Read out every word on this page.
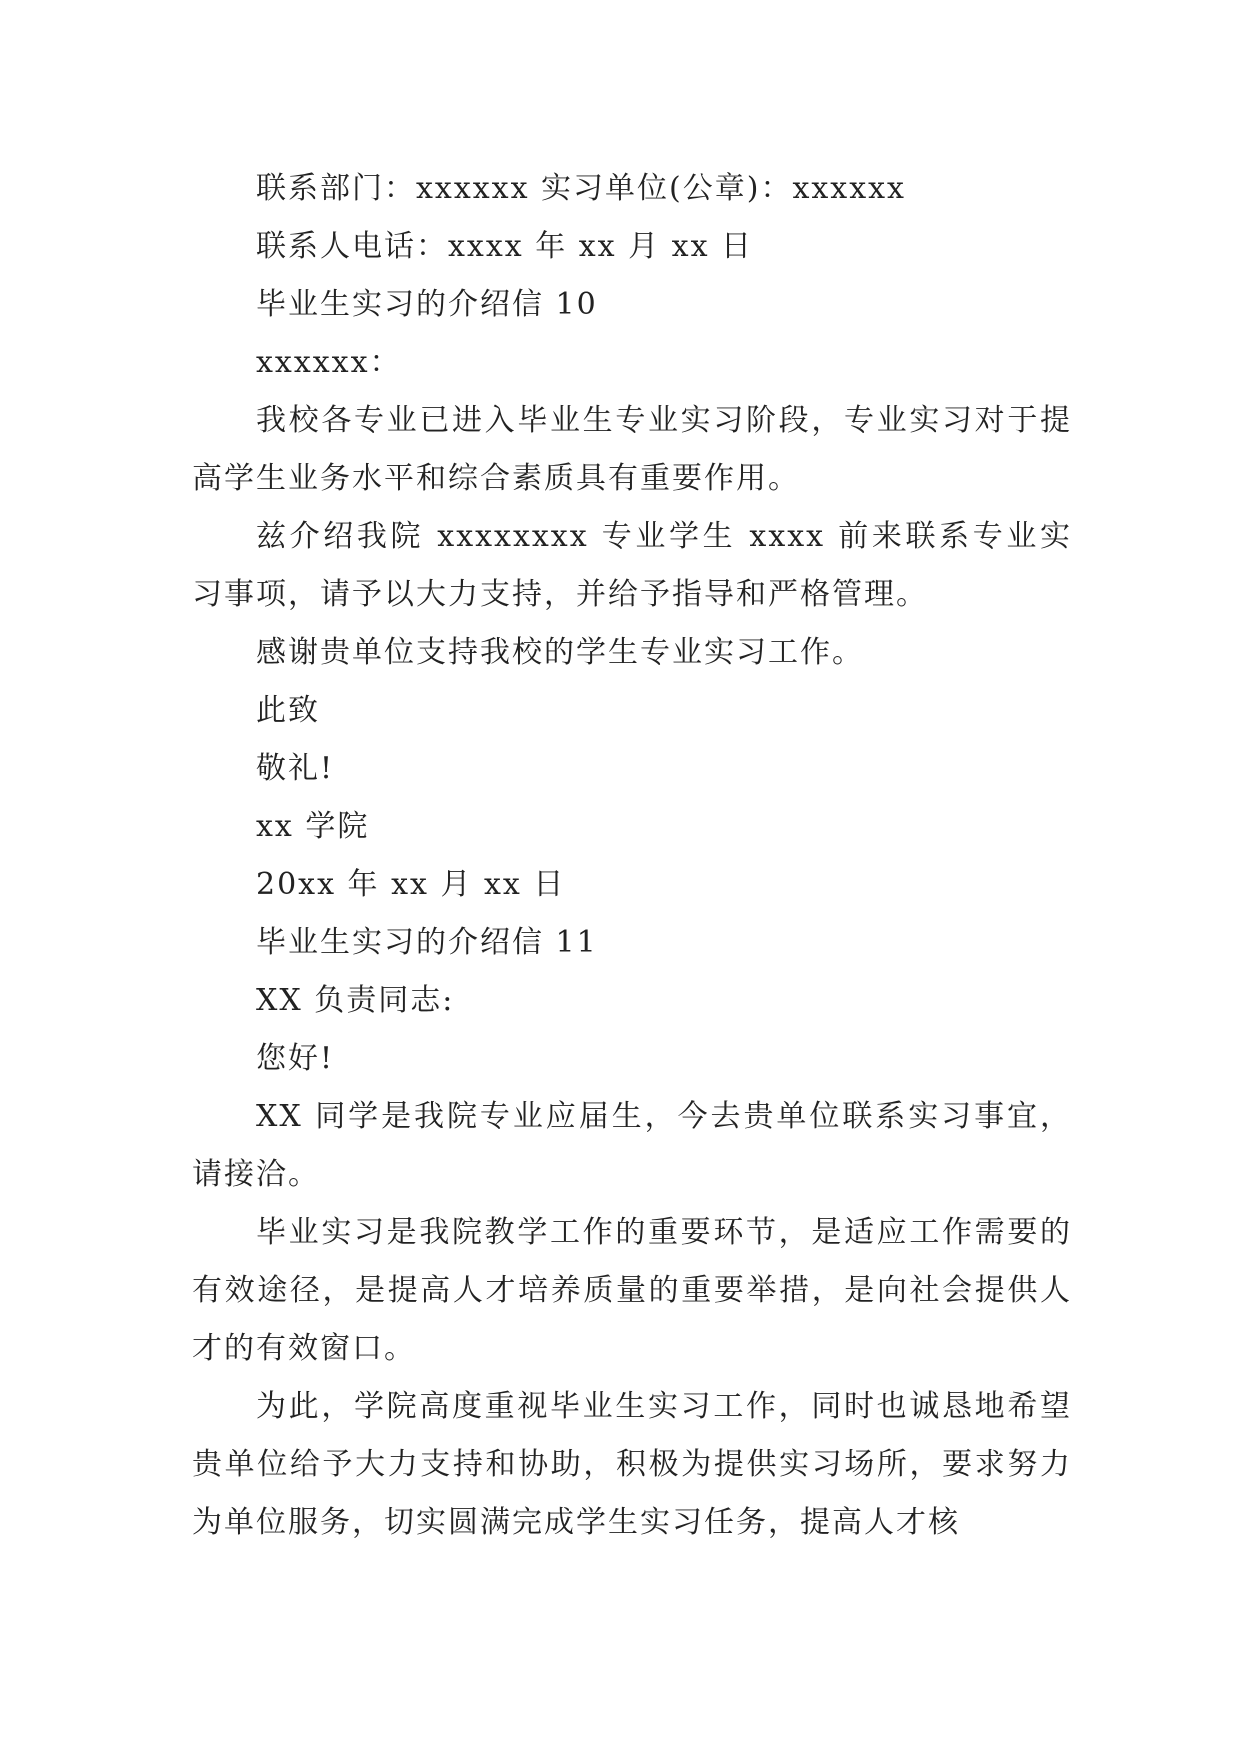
联系部门：xxxxxx 实习单位(公章)：xxxxxx
联系人电话：xxxx 年 xx 月 xx 日
毕业生实习的介绍信 10
xxxxxx：

我校各专业已进入毕业生专业实习阶段，专业实习对于提高学生业务水平和综合素质具有重要作用。

兹介绍我院 xxxxxxxx 专业学生 xxxx 前来联系专业实习事项，请予以大力支持，并给予指导和严格管理。

感谢贵单位支持我校的学生专业实习工作。
此致
敬礼!
xx 学院
20xx 年 xx 月 xx 日
毕业生实习的介绍信 11
XX 负责同志:
您好!

XX 同学是我院专业应届生，今去贵单位联系实习事宜，请接洽。

毕业实习是我院教学工作的重要环节，是适应工作需要的有效途径，是提高人才培养质量的重要举措，是向社会提供人才的有效窗口。

为此，学院高度重视毕业生实习工作，同时也诚恳地希望贵单位给予大力支持和协助，积极为提供实习场所，要求努力为单位服务，切实圆满完成学生实习任务，提高人才核
